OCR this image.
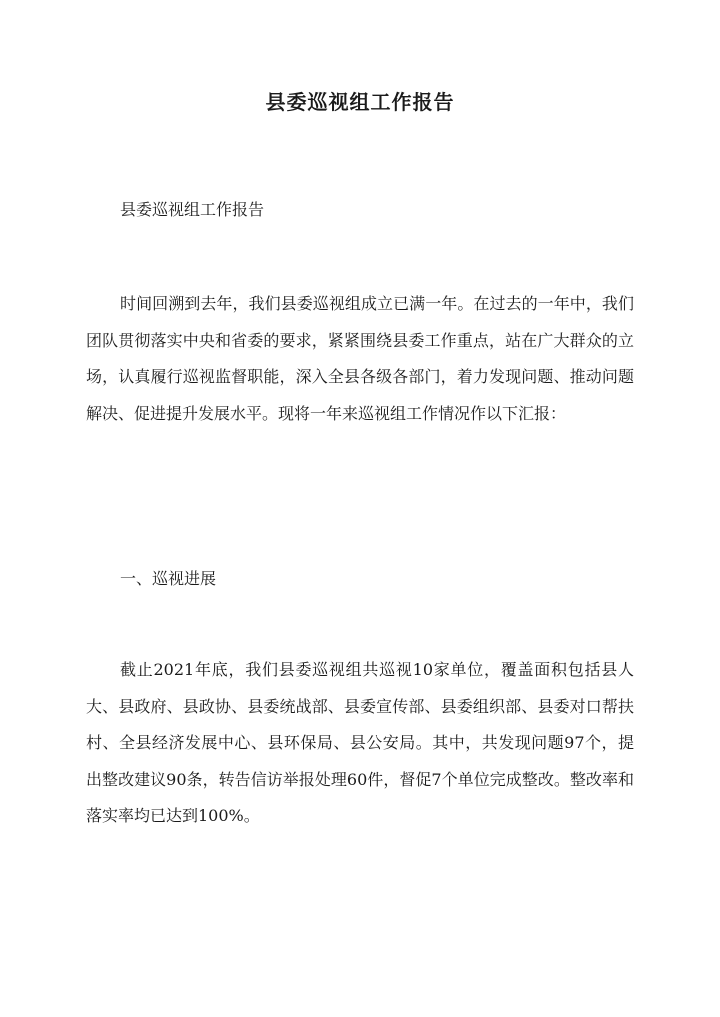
县委巡视组工作报告

县委巡视组工作报告

时间回溯到去年，我们县委巡视组成立已满一年。在过去的一年中，我们团队贯彻落实中央和省委的要求，紧紧围绕县委工作重点，站在广大群众的立场，认真履行巡视监督职能，深入全县各级各部门，着力发现问题、推动问题解决、促进提升发展水平。现将一年来巡视组工作情况作以下汇报：

一、巡视进展

截止2021年底，我们县委巡视组共巡视10家单位，覆盖面积包括县人大、县政府、县政协、县委统战部、县委宣传部、县委组织部、县委对口帮扶村、全县经济发展中心、县环保局、县公安局。其中，共发现问题97个，提出整改建议90条，转告信访举报处理60件，督促7个单位完成整改。整改率和落实率均已达到100%。
